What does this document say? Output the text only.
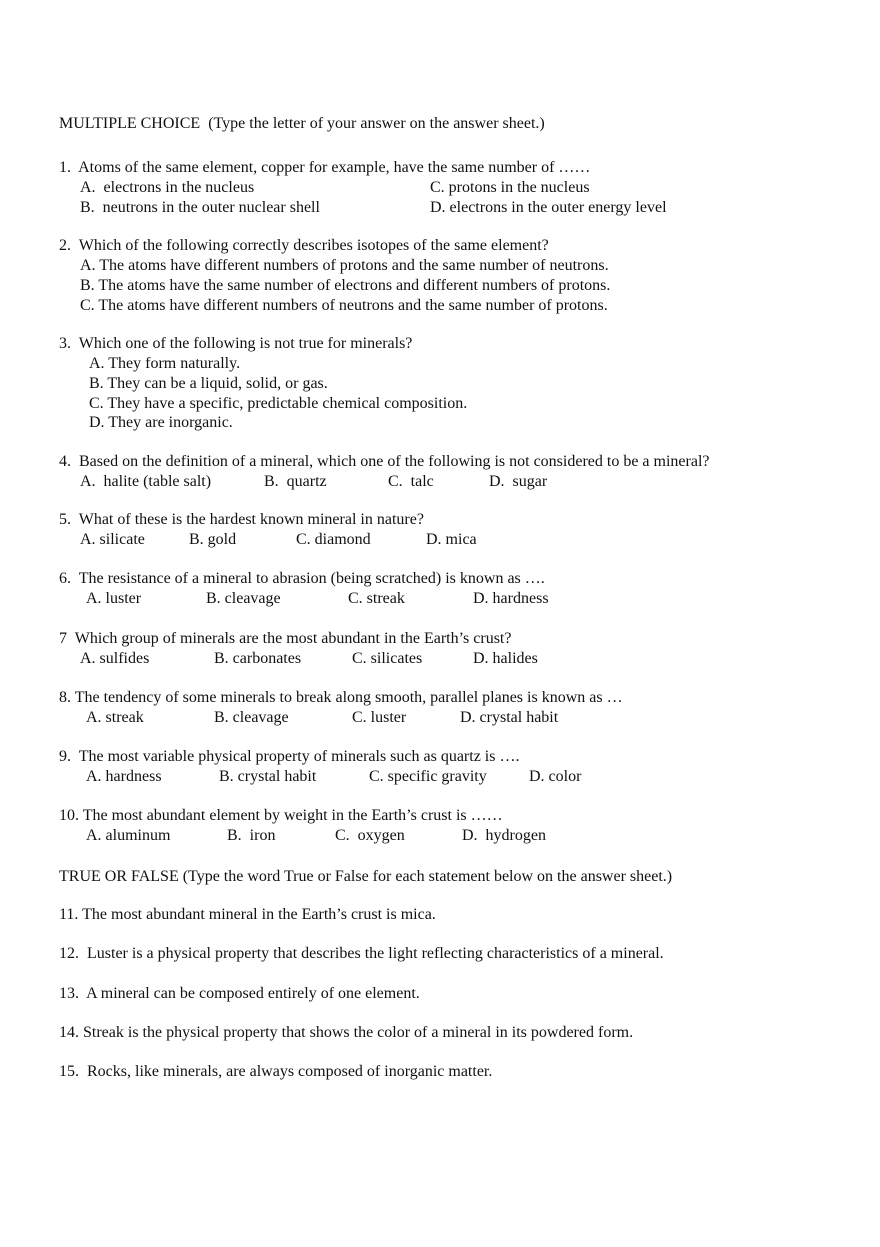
MULTIPLE CHOICE  (Type the letter of your answer on the answer sheet.)
1.  Atoms of the same element, copper for example, have the same number of ……
A.  electrons in the nucleus
B.  neutrons in the outer nuclear shell
C. protons in the nucleus
D. electrons in the outer energy level
2.  Which of the following correctly describes isotopes of the same element?
A. The atoms have different numbers of protons and the same number of neutrons.
B. The atoms have the same number of electrons and different numbers of protons.
C. The atoms have different numbers of neutrons and the same number of protons.
3.  Which one of the following is not true for minerals?
A. They form naturally.
B. They can be a liquid, solid, or gas.
C. They have a specific, predictable chemical composition.
D. They are inorganic.
4.  Based on the definition of a mineral, which one of the following is not considered to be a mineral?
A.  halite (table salt)	B.  quartz	C.  talc	D.  sugar
5.  What of these is the hardest known mineral in nature?
A. silicate	B. gold	C. diamond	D. mica
6.  The resistance of a mineral to abrasion (being scratched) is known as ….
A. luster	B. cleavage	C. streak	D. hardness
7  Which group of minerals are the most abundant in the Earth’s crust?
A. sulfides	B. carbonates	C. silicates	D. halides
8. The tendency of some minerals to break along smooth, parallel planes is known as …
A. streak	B. cleavage	C. luster	D. crystal habit
9.  The most variable physical property of minerals such as quartz is ….
A. hardness	B. crystal habit	C. specific gravity	D. color
10. The most abundant element by weight in the Earth’s crust is ……
A. aluminum	B.  iron	C.  oxygen	D.  hydrogen
TRUE OR FALSE (Type the word True or False for each statement below on the answer sheet.)
11. The most abundant mineral in the Earth’s crust is mica.
12.  Luster is a physical property that describes the light reflecting characteristics of a mineral.
13.  A mineral can be composed entirely of one element.
14. Streak is the physical property that shows the color of a mineral in its powdered form.
15.  Rocks, like minerals, are always composed of inorganic matter.
